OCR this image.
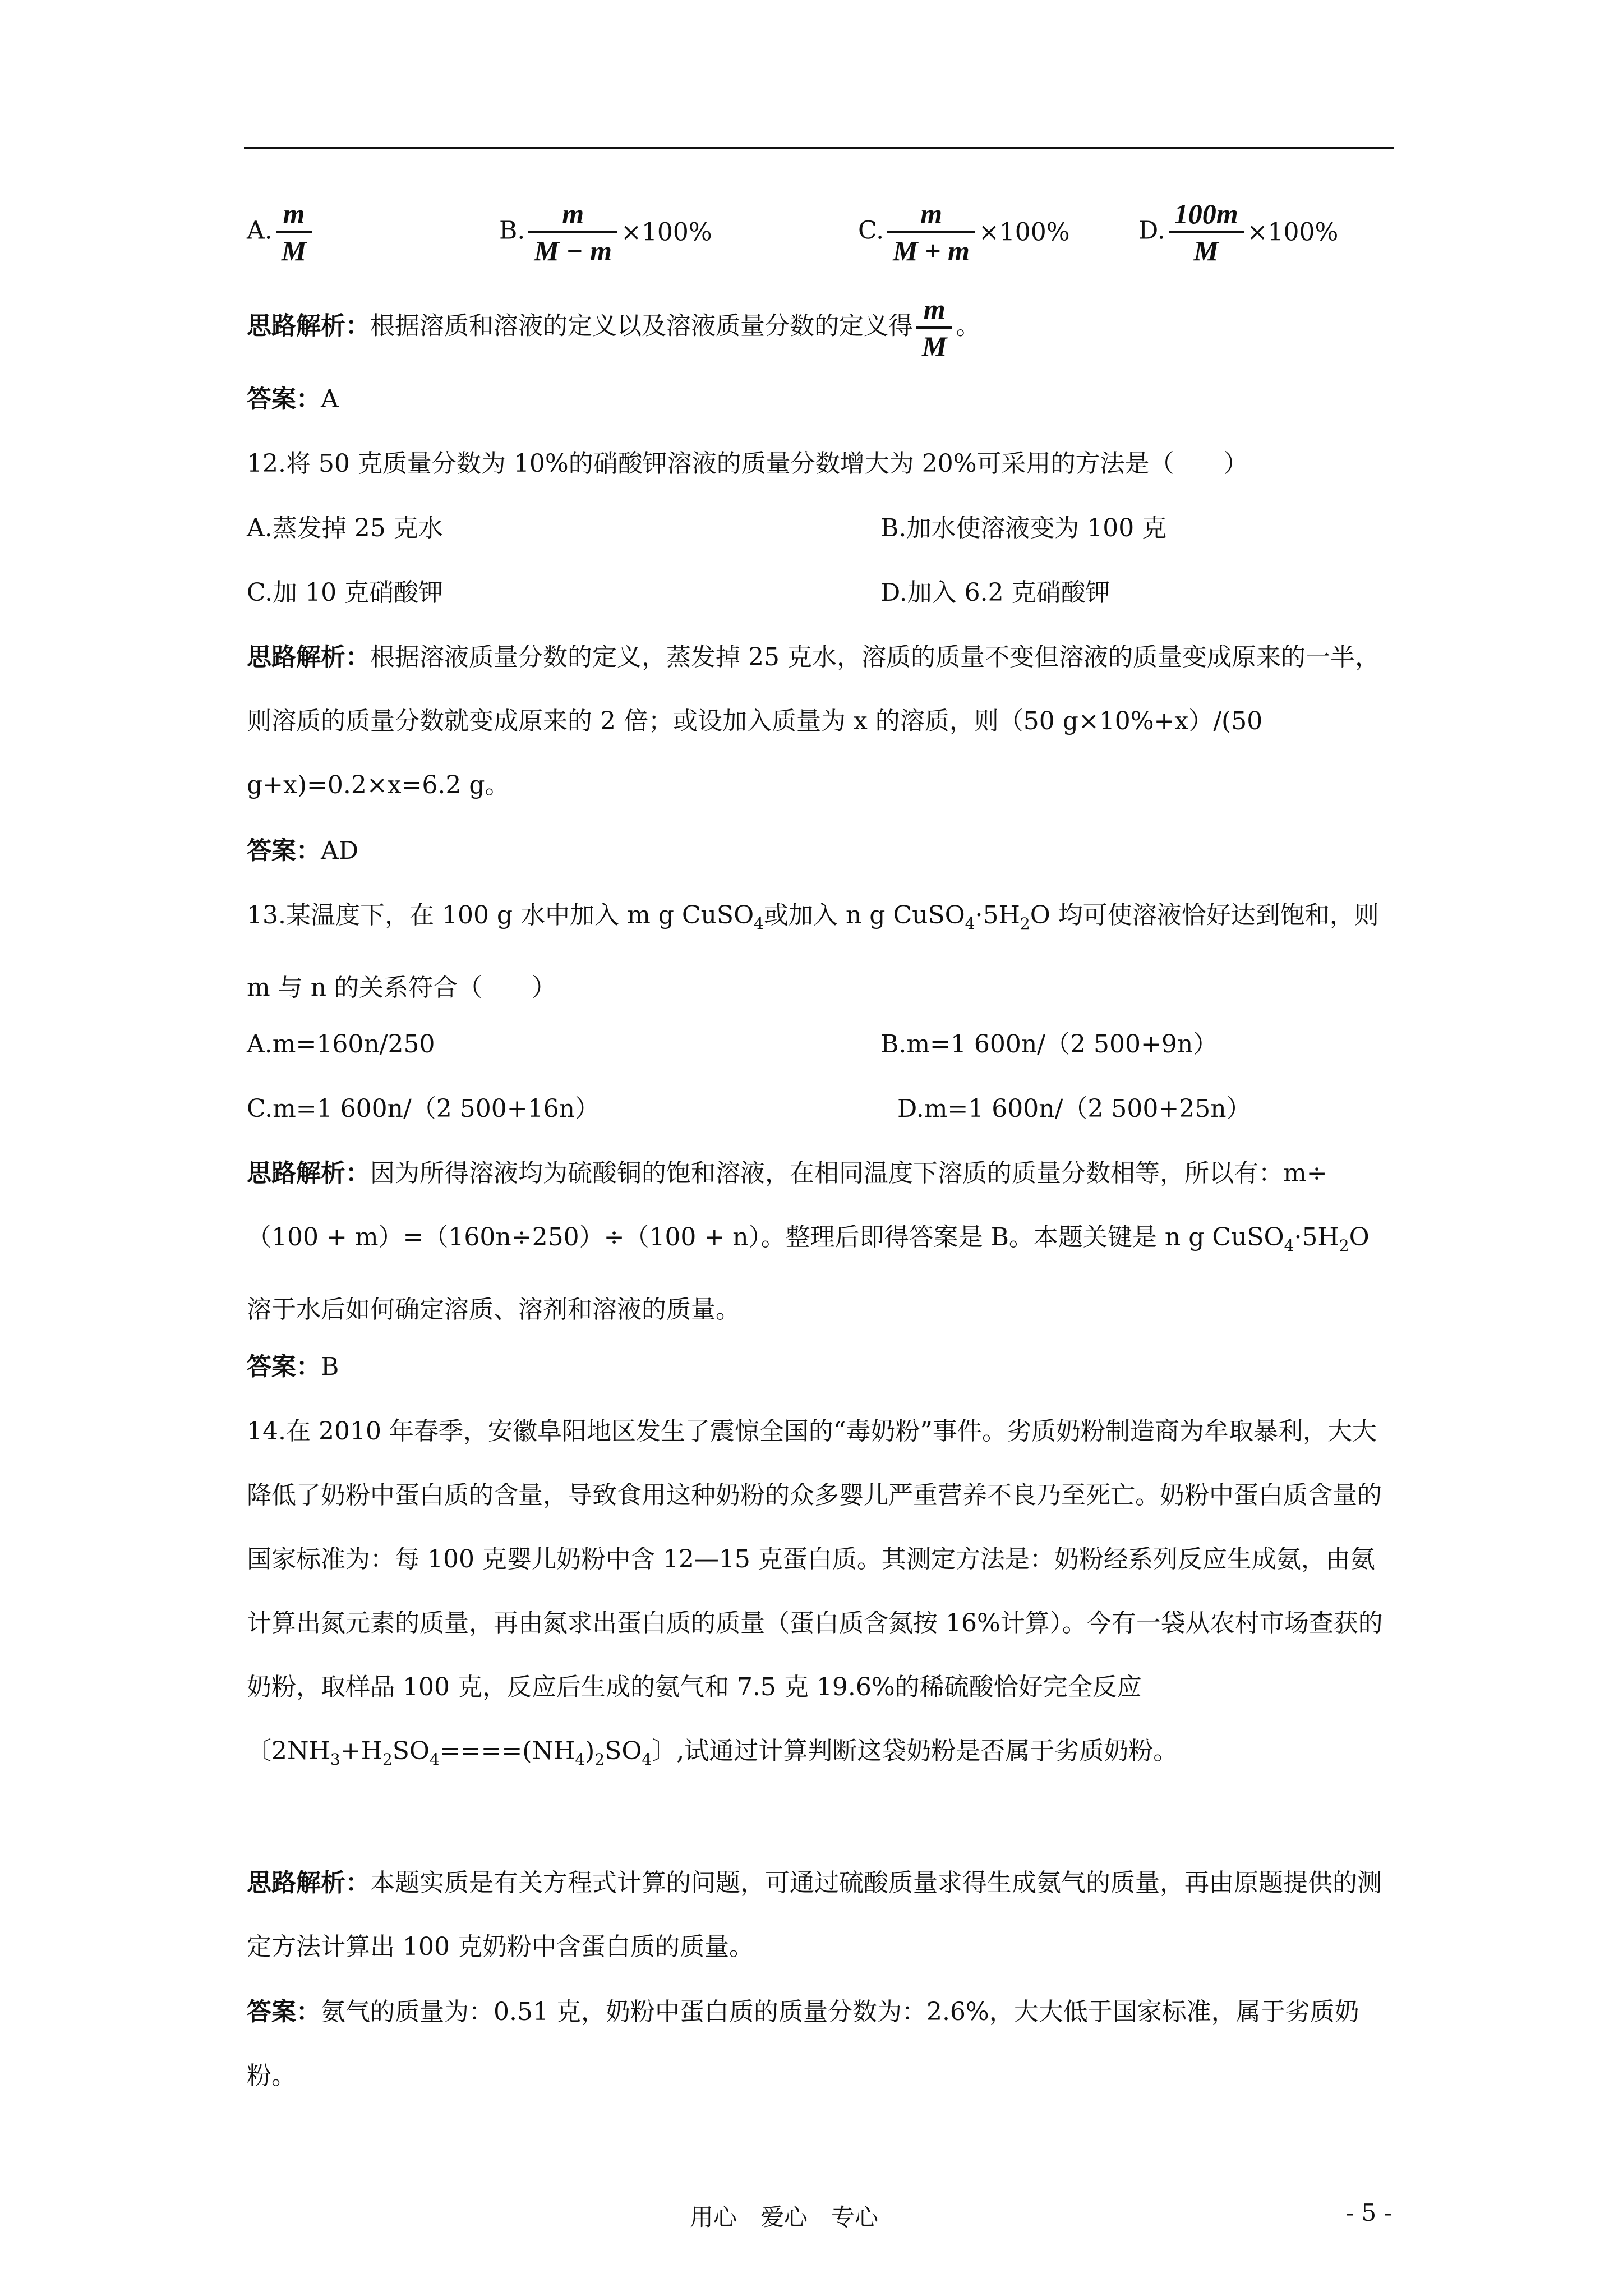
A. $\frac{m}{M}$	B. $\frac{m}{M - m} \times 100\%$	C. $\frac{m}{M + m} \times 100\%$	D. $\frac{100m}{M} \times 100\%$
思路解析：根据溶质和溶液的定义以及溶液质量分数的定义得 $\frac{m}{M}$ 。
答案：A
12.将 50 克质量分数为 10%的硝酸钾溶液的质量分数增大为 20%可采用的方法是（　　）
A.蒸发掉 25 克水	B.加水使溶液变为 100 克
C.加 10 克硝酸钾	D.加入 6.2 克硝酸钾
思路解析：根据溶液质量分数的定义，蒸发掉 25 克水，溶质的质量不变但溶液的质量变成原来的一半，则溶质的质量分数就变成原来的 2 倍；或设加入质量为 x 的溶质，则（50 g×10%+x）/(50 g+x)=0.2×x=6.2 g。
答案：AD
13.某温度下，在 100 g 水中加入 m g CuSO$_4$或加入 n g $CuSO_4\cdot 5H_2O$ 均可使溶液恰好达到饱和，则 m 与 n 的关系符合（　　）
A.m=160n/250	B.m=1 600n/（2 500+9n）
C.m=1 600n/（2 500+16n）	D.m=1 600n/（2 500+25n）
思路解析：因为所得溶液均为硫酸铜的饱和溶液，在相同温度下溶质的质量分数相等，所以有：m÷（100 + m）=（160n÷250）÷（100 + n）。整理后即得答案是 B。本题关键是 n g $CuSO_4\cdot 5H_2O$ 溶于水后如何确定溶质、溶剂和溶液的质量。
答案：B
14.在 2010 年春季，安徽阜阳地区发生了震惊全国的“毒奶粉”事件。劣质奶粉制造商为牟取暴利，大大降低了奶粉中蛋白质的含量，导致食用这种奶粉的众多婴儿严重营养不良乃至死亡。奶粉中蛋白质含量的国家标准为：每 100 克婴儿奶粉中含 12—15 克蛋白质。其测定方法是：奶粉经系列反应生成氨，由氨计算出氮元素的质量，再由氮求出蛋白质的质量（蛋白质含氮按 16%计算）。今有一袋从农村市场查获的奶粉，取样品 100 克，反应后生成的氨气和 7.5 克 19.6%的稀硫酸恰好完全反应〔$2NH_3+H_2SO_4====(NH_4)_2SO_4$〕,试通过计算判断这袋奶粉是否属于劣质奶粉。
思路解析：本题实质是有关方程式计算的问题，可通过硫酸质量求得生成氨气的质量，再由原题提供的测定方法计算出 100 克奶粉中含蛋白质的质量。
答案：氨气的质量为：0.51 克，奶粉中蛋白质的质量分数为：2.6%，大大低于国家标准，属于劣质奶粉。
用心　爱心　专心	- 5 -
